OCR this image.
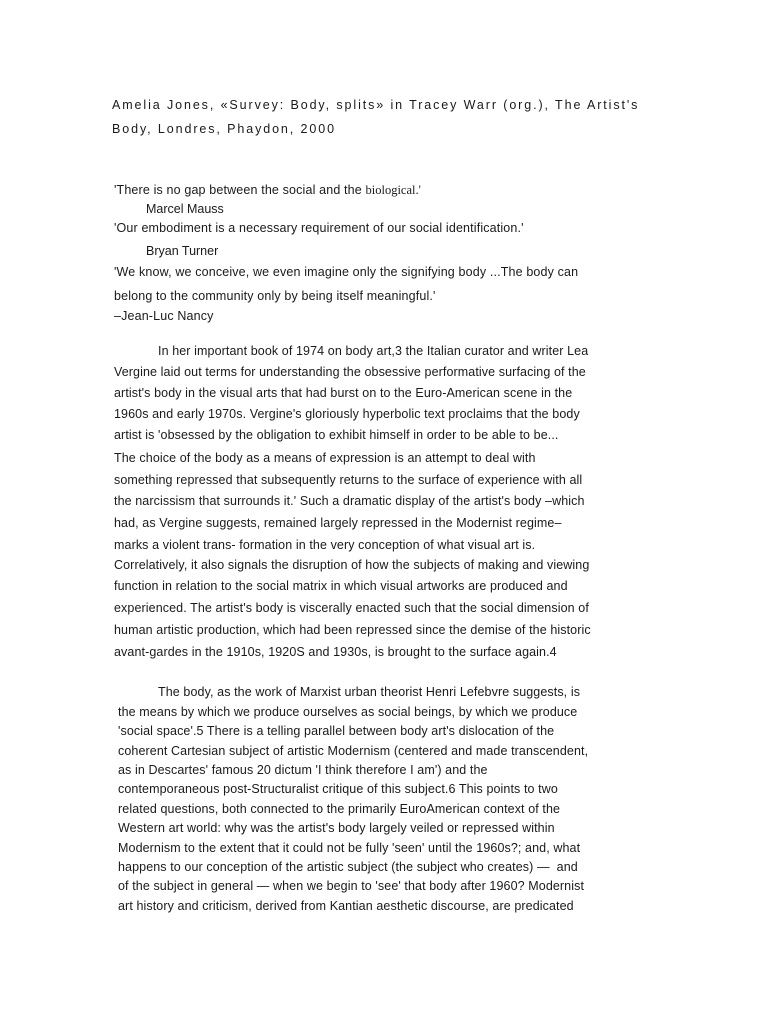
Amelia Jones, «Survey: Body, splits» in Tracey Warr (org.), The Artist's
Body, Londres, Phaydon, 2000
'There is no gap between the social and the biological.'
Marcel Mauss
'Our embodiment is a necessary requirement of our social identification.'
Bryan Turner
'We know, we conceive, we even imagine only the signifying body ...The body can
belong to the community only by being itself meaningful.'
–Jean-Luc Nancy
In her important book of 1974 on body art,3 the Italian curator and writer Lea
Vergine laid out terms for understanding the obsessive performative surfacing of the
artist's body in the visual arts that had burst on to the Euro-American scene in the
1960s and early 1970s. Vergine's gloriously hyperbolic text proclaims that the body
artist is 'obsessed by the obligation to exhibit himself in order to be able to be...
The choice of the body as a means of expression is an attempt to deal with
something repressed that subsequently returns to the surface of experience with all
the narcissism that surrounds it.' Such a dramatic display of the artist's body –which
had, as Vergine suggests, remained largely repressed in the Modernist regime–
marks a violent trans- formation in the very conception of what visual art is.
Correlatively, it also signals the disruption of how the subjects of making and viewing
function in relation to the social matrix in which visual artworks are produced and
experienced. The artist's body is viscerally enacted such that the social dimension of
human artistic production, which had been repressed since the demise of the historic
avant-gardes in the 1910s, 1920S and 1930s, is brought to the surface again.4
The body, as the work of Marxist urban theorist Henri Lefebvre suggests, is
the means by which we produce ourselves as social beings, by which we produce
'social space'.5 There is a telling parallel between body art's dislocation of the
coherent Cartesian subject of artistic Modernism (centered and made transcendent,
as in Descartes' famous 20 dictum 'I think therefore I am') and the
contemporaneous post-Structuralist critique of this subject.6 This points to two
related questions, both connected to the primarily EuroAmerican context of the
Western art world: why was the artist's body largely veiled or repressed within
Modernism to the extent that it could not be fully 'seen' until the 1960s?; and, what
happens to our conception of the artistic subject (the subject who creates) —  and
of the subject in general — when we begin to 'see' that body after 1960? Modernist
art history and criticism, derived from Kantian aesthetic discourse, are predicated
